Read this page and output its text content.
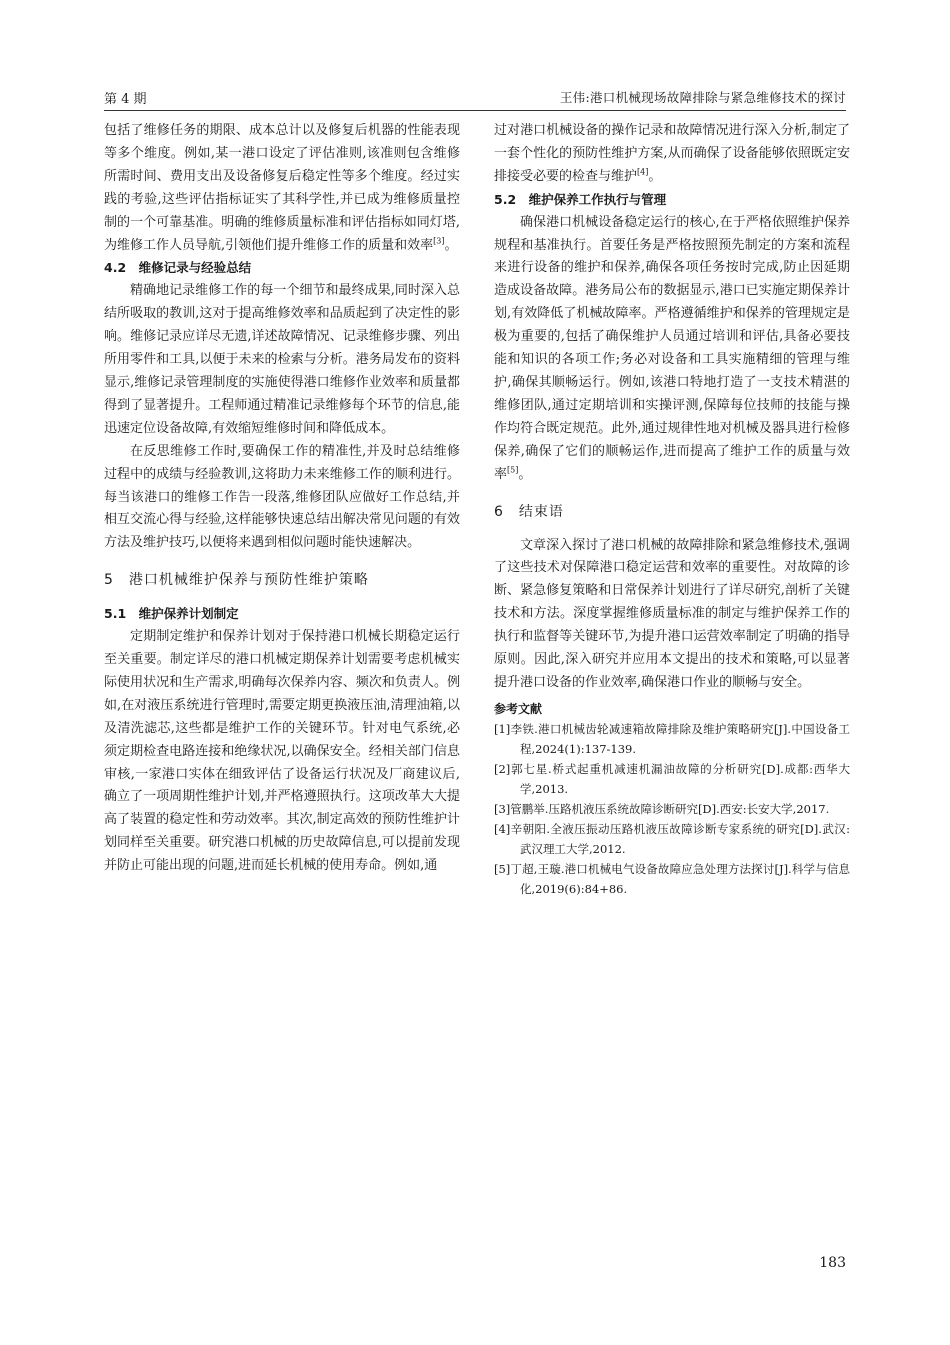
第 4 期	王伟:港口机械现场故障排除与紧急维修技术的探讨

包括了维修任务的期限、成本总计以及修复后机器的性能表现等多个维度。例如,某一港口设定了评估准则,该准则包含维修所需时间、费用支出及设备修复后稳定性等多个维度。经过实践的考验,这些评估指标证实了其科学性,并已成为维修质量控制的一个可靠基准。明确的维修质量标准和评估指标如同灯塔,为维修工作人员导航,引领他们提升维修工作的质量和效率[3]。

4.2　维修记录与经验总结

精确地记录维修工作的每一个细节和最终成果,同时深入总结所吸取的教训,这对于提高维修效率和品质起到了决定性的影响。维修记录应详尽无遗,详述故障情况、记录维修步骤、列出所用零件和工具,以便于未来的检索与分析。港务局发布的资料显示,维修记录管理制度的实施使得港口维修作业效率和质量都得到了显著提升。工程师通过精准记录维修每个环节的信息,能迅速定位设备故障,有效缩短维修时间和降低成本。

在反思维修工作时,要确保工作的精准性,并及时总结维修过程中的成绩与经验教训,这将助力未来维修工作的顺利进行。每当该港口的维修工作告一段落,维修团队应做好工作总结,并相互交流心得与经验,这样能够快速总结出解决常见问题的有效方法及维护技巧,以便将来遇到相似问题时能快速解决。

5　港口机械维护保养与预防性维护策略
5.1　维护保养计划制定

定期制定维护和保养计划对于保持港口机械长期稳定运行至关重要。制定详尽的港口机械定期保养计划需要考虑机械实际使用状况和生产需求,明确每次保养内容、频次和负责人。例如,在对液压系统进行管理时,需要定期更换液压油,清理油箱,以及清洗滤芯,这些都是维护工作的关键环节。针对电气系统,必须定期检查电路连接和绝缘状况,以确保安全。经相关部门信息审核,一家港口实体在细致评估了设备运行状况及厂商建议后,确立了一项周期性维护计划,并严格遵照执行。这项改革大大提高了装置的稳定性和劳动效率。其次,制定高效的预防性维护计划同样至关重要。研究港口机械的历史故障信息,可以提前发现并防止可能出现的问题,进而延长机械的使用寿命。例如,通

过对港口机械设备的操作记录和故障情况进行深入分析,制定了一套个性化的预防性维护方案,从而确保了设备能够依照既定安排接受必要的检查与维护[4]。

5.2　维护保养工作执行与管理

确保港口机械设备稳定运行的核心,在于严格依照维护保养规程和基准执行。首要任务是严格按照预先制定的方案和流程来进行设备的维护和保养,确保各项任务按时完成,防止因延期造成设备故障。港务局公布的数据显示,港口已实施定期保养计划,有效降低了机械故障率。严格遵循维护和保养的管理规定是极为重要的,包括了确保维护人员通过培训和评估,具备必要技能和知识的各项工作;务必对设备和工具实施精细的管理与维护,确保其顺畅运行。例如,该港口特地打造了一支技术精湛的维修团队,通过定期培训和实操评测,保障每位技师的技能与操作均符合既定规范。此外,通过规律性地对机械及器具进行检修保养,确保了它们的顺畅运作,进而提高了维护工作的质量与效率[5]。

6　结束语

文章深入探讨了港口机械的故障排除和紧急维修技术,强调了这些技术对保障港口稳定运营和效率的重要性。对故障的诊断、紧急修复策略和日常保养计划进行了详尽研究,剖析了关键技术和方法。深度掌握维修质量标准的制定与维护保养工作的执行和监督等关键环节,为提升港口运营效率制定了明确的指导原则。因此,深入研究并应用本文提出的技术和策略,可以显著提升港口设备的作业效率,确保港口作业的顺畅与安全。

参考文献
[1]李铁.港口机械齿轮减速箱故障排除及维护策略研究[J].中国设备工程,2024(1):137-139.
[2]郭七星.桥式起重机减速机漏油故障的分析研究[D].成都:西华大学,2013.
[3]管鹏举.压路机液压系统故障诊断研究[D].西安:长安大学,2017.
[4]辛朝阳.全液压振动压路机液压故障诊断专家系统的研究[D].武汉:武汉理工大学,2012.
[5]丁超,王璇.港口机械电气设备故障应急处理方法探讨[J].科学与信息化,2019(6):84+86.
183
